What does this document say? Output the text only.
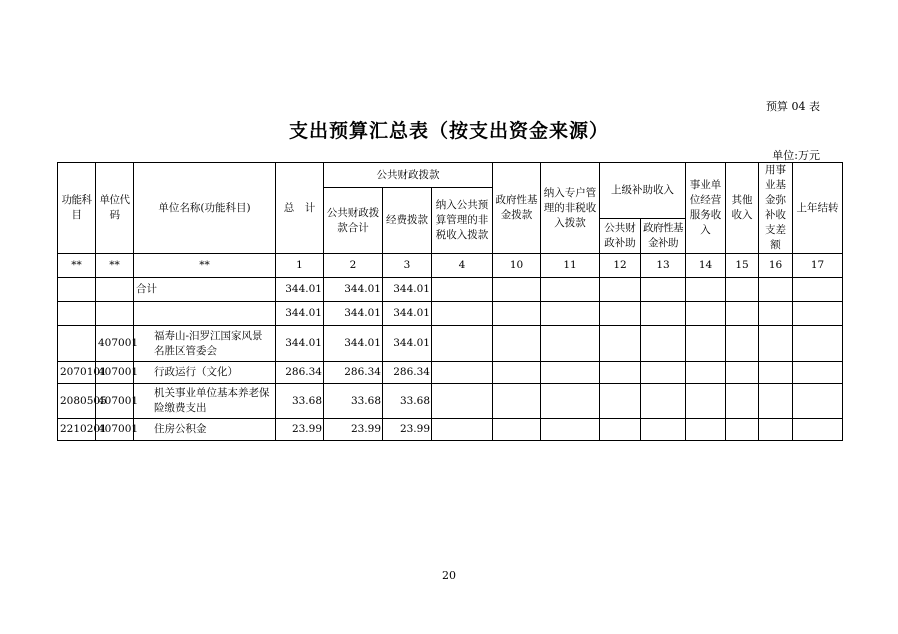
预算 04 表
支出预算汇总表（按支出资金来源）
单位:万元
功能科目	单位代码	单位名称(功能科目)	总　计	公共财政拨款			政府性基金拨款	纳入专户管理的非税收入拨款	上级补助收入		事业单位经营服务收入	其他收入	用事业基金弥补收支差额	上年结转
				公共财政拨款合计	经费拨款	纳入公共预算管理的非税收入拨款								
									公共财政补助	政府性基金补助				
**	**	**	1	2	3	4	10	11	12	13	14	15	16	17
		合计	344.01	344.01	344.01									
			344.01	344.01	344.01									
	407001	福寿山-汨罗江国家风景名胜区管委会	344.01	344.01	344.01									
2070101	407001	行政运行（文化）	286.34	286.34	286.34									
2080505	407001	机关事业单位基本养老保险缴费支出	33.68	33.68	33.68									
2210201	407001	住房公积金	23.99	23.99	23.99									
20
